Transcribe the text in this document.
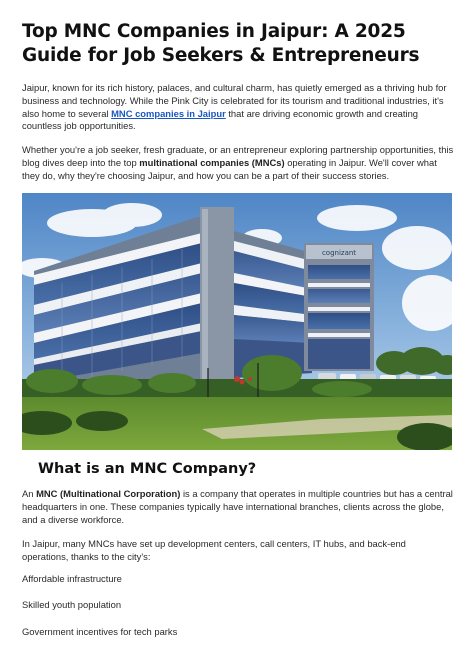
Top MNC Companies in Jaipur: A 2025 Guide for Job Seekers & Entrepreneurs

Jaipur, known for its rich history, palaces, and cultural charm, has quietly emerged as a thriving hub for business and technology. While the Pink City is celebrated for its tourism and traditional industries, it's also home to several MNC companies in Jaipur that are driving economic growth and creating countless job opportunities.

Whether you're a job seeker, fresh graduate, or an entrepreneur exploring partnership opportunities, this blog dives deep into the top multinational companies (MNCs) operating in Jaipur. We'll cover what they do, why they're choosing Jaipur, and how you can be a part of their success stories.

cognizant
What is an MNC Company?

An MNC (Multinational Corporation) is a company that operates in multiple countries but has a central headquarters in one. These companies typically have international branches, clients across the globe, and a diverse workforce.

In Jaipur, many MNCs have set up development centers, call centers, IT hubs, and back-end operations, thanks to the city's:

Affordable infrastructure

Skilled youth population

Government incentives for tech parks
